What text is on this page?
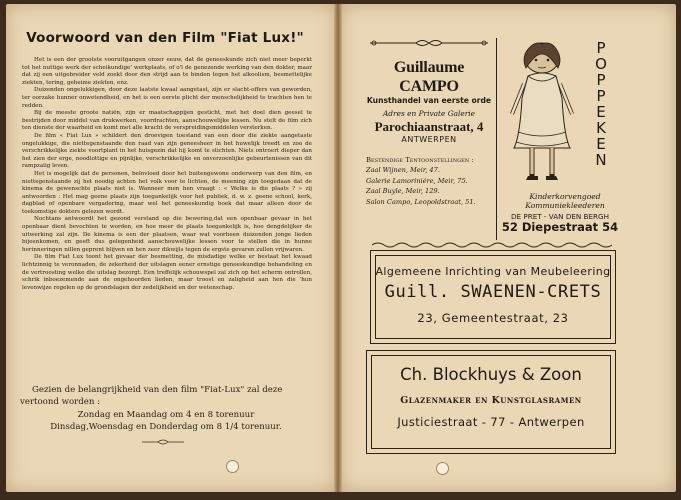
Voorwoord van den Film "Fiat Lux!"

Het is een der grootste vooruitgangen onzer eeuw, dat de geneeskunde zich niet meer beperkt tot het nuttige werk der scheikundige' werkplaats, of o'l de genezende werking van den dokter, maar dat zij een uitgebreider veld zoekt door den strijd aan te binden tegen het alkoolism, besmettelijke ziekten, tering, geheime ziekten, enz.

Duizenden ongelukkigen, door deze laatste kwaal aangetast, zijn er slacht-offers van geworden, ter oorzake hunner onwetendheid, en het is een eerste plicht der menschelijkheid te trachten hen te redden.

Bij de meeste groote natiën, zijn er maatschappijen gesticht, met het doel dien geesel te bestrijden door middel van drukwerken, voordrachten, aanschouwelijke lessen. Nu stelt de film zich ten dienste der waarheid en komt met alle kracht de verspreidingsmiddelen versterken.

De film « Fiat Lux » schildert den droevigen toestand van een door die ziekte aangetaste ongelukkige, die niettegenstaande den raad van zijn geneesheer in het huwelijk treedt en zoo de verschrikkelijke ziekte voortplant in het huisgezin dat hij komt te stichten. Niets ontroert dieper dan het zien der erge, noodlottige en pijnlijke, verschrikkelijke en onverzoenlijke gebeurtenissen van dit rampzalig leven.

Het is mogelijk dat de personen, beïnvloed door het buitengewone onderwerp van den film, en niettegenstaande zij het noodig achten het volk voor te lichten, de meening zijn toegedaan dat de kinema de gewenschte plaats niet is. Wanneer men hen vraagt : « Welke is die plaats ? » zij antwoorden : Het mag geene plaats zijn toegankelijk voor het publiek, d. w. z. geene school, kerk, dagblad of openbare vergadering, maar wel het geneeskundig boek dat maar alleen door de toekomstige dokters gelezen wordt.

Nochtans antwoordt het gezond verstand op die bewering,dat een openbaar gevaar in het openbaar dient bevochten te worden, en hoe meer de plaats toegankelijk is, hoe dengdelijker de uitwerking zal zijn. De kinema is een der plaatsen, waar wat voorheen duizenden jonge lieden bijeenkomen, en geeft dus gelegenheid aanschouwelijke lessen voor te stellen die in hunne herinneringen nillen geprent blijven en hen zeer dikwijls tegen de ergste gevaren zullen vrijwaren.

De film Fiat Lux toont het gevaar der besmetting, de misdadige welke er bestaat het kwaad lichtzinnig te veronnaden, de zekerheid der uitslagen eener ernstige geneeskundige behandeling en de vertroosting welke die uitslag bezorgt. Een treffelijk schouwspel zal zich op het scherm ontrollen, schrik inboezemende aan de ongehoorden lieden, maar troost en zaligheid aan hen die 'hun levenwijze regelen op de grondslagen der zedelijkheid en der wetenschap.

Gezien de belangrijkheid van den film "Fiat-Lux" zal deze vertoond worden :
Zondag en Maandag om 4 en 8 torenuur
Dinsdag,Woensdag en Donderdag om 8 1/4 torenuur.
Guillaume CAMPO
Kunsthandel van eerste orde
Adres en Private Galerie
Parochiaanstraat, 4
ANTWERPEN
Bestendige Tentoonstellingen :
Zaal Wijnen, Meir, 47.
Galerie Lamoriniére, Meir, 75.
Zaal Buyle, Meir, 129.
Salon Campo, Leopoldstraat, 51.
P
O
P
P
E
K
E
N
Kinderkorvengoed
Kommuniekleederen
DE PRET - VAN DEN BERGH
52 Diepestraat 54
Algemeene Inrichting van Meubeleering
Guill. SWAENEN-CRETS
23, Gemeentestraat, 23
Ch. Blockhuys & Zoon
Glazenmaker en Kunstglasramen
Justiciestraat - 77 - Antwerpen
